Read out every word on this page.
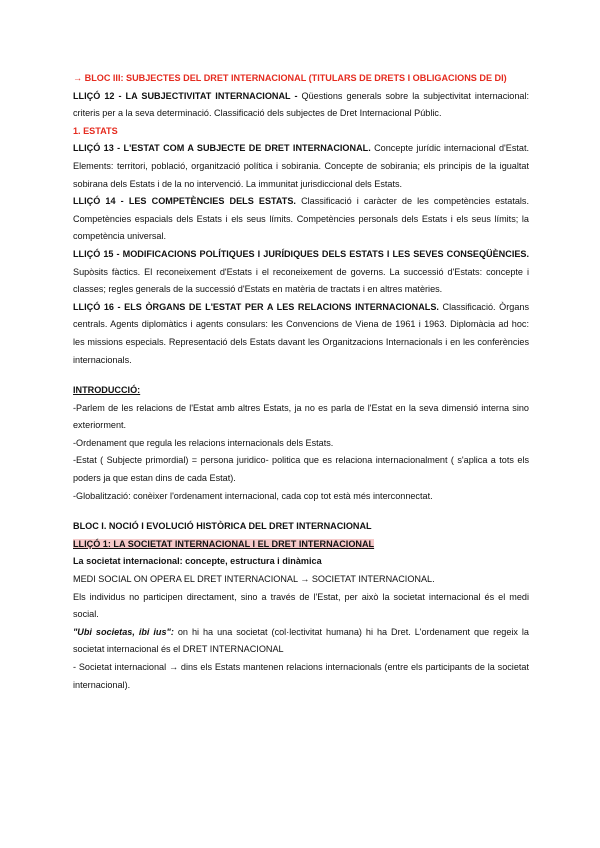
→ BLOC III: SUBJECTES DEL DRET INTERNACIONAL (TITULARS DE DRETS I OBLIGACIONS DE DI)

LLIÇÓ 12 - LA SUBJECTIVITAT INTERNACIONAL - Qüestions generals sobre la subjectivitat internacional: criteris per a la seva determinació. Classificació dels subjectes de Dret Internacional Públic.

1. ESTATS

LLIÇÓ 13 - L'ESTAT COM A SUBJECTE DE DRET INTERNACIONAL. Concepte jurídic internacional d'Estat. Elements: territori, població, organització política i sobirania. Concepte de sobirania; els principis de la igualtat sobirana dels Estats i de la no intervenció. La immunitat jurisdiccional dels Estats.

LLIÇÓ 14 - LES COMPETÈNCIES DELS ESTATS. Classificació i caràcter de les competències estatals. Competències espacials dels Estats i els seus límits. Competències personals dels Estats i els seus límits; la competència universal.

LLIÇÓ 15 - MODIFICACIONS POLÍTIQUES I JURÍDIQUES DELS ESTATS I LES SEVES CONSEQÜÈNCIES. Supòsits fàctics. El reconeixement d'Estats i el reconeixement de governs. La successió d'Estats: concepte i classes; regles generals de la successió d'Estats en matèria de tractats i en altres matèries.

LLIÇÓ 16 - ELS ÒRGANS DE L'ESTAT PER A LES RELACIONS INTERNACIONALS. Classificació. Òrgans centrals. Agents diplomàtics i agents consulars: les Convencions de Viena de 1961 i 1963. Diplomàcia ad hoc: les missions especials. Representació dels Estats davant les Organitzacions Internacionals i en les conferències internacionals.

INTRODUCCIÓ:

-Parlem de les relacions de l'Estat amb altres Estats, ja no es parla de l'Estat en la seva dimensió interna sino exteriorment.

-Ordenament que regula les relacions internacionals dels Estats.

-Estat ( Subjecte primordial) = persona juridico- politica que es relaciona internacionalment ( s'aplica a tots els poders ja que estan dins de cada Estat).

-Globalització: conèixer l'ordenament internacional, cada cop tot està més interconnectat.

BLOC I. NOCIÓ I EVOLUCIÓ HISTÒRICA DEL DRET INTERNACIONAL

LLIÇÓ 1: LA SOCIETAT INTERNACIONAL I EL DRET INTERNACIONAL

La societat internacional: concepte, estructura i dinàmica

MEDI SOCIAL ON OPERA EL DRET INTERNACIONAL → SOCIETAT INTERNACIONAL.

Els individus no participen directament, sino a través de l'Estat, per això la societat internacional és el medi social.

"Ubi societas, ibi ius": on hi ha una societat (col·lectivitat humana) hi ha Dret. L'ordenament que regeix la societat internacional és el DRET INTERNACIONAL

- Societat internacional → dins els Estats mantenen relacions internacionals (entre els participants de la societat internacional).
